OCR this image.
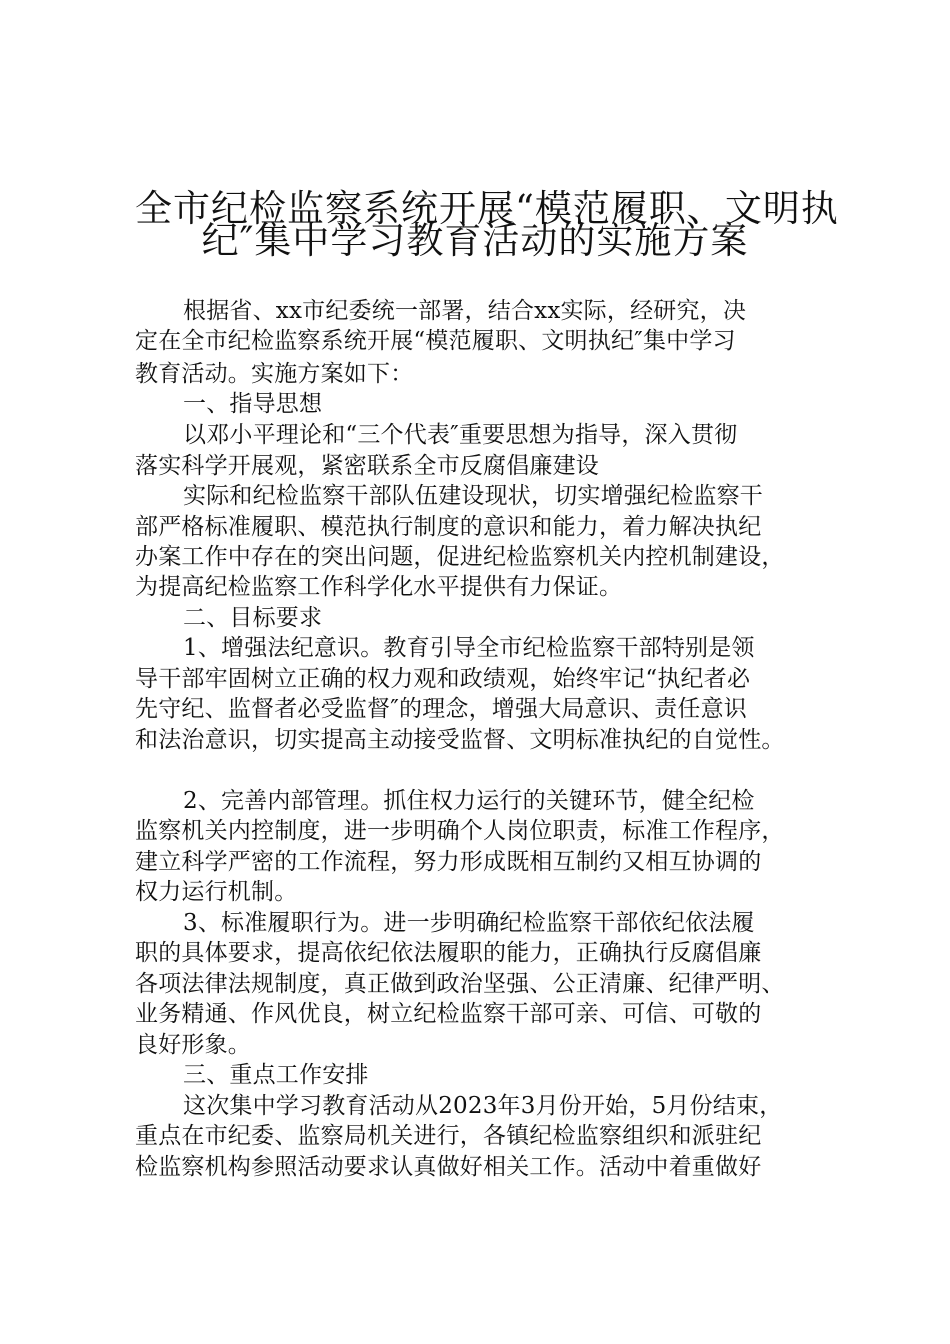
全市纪检监察系统开展“模范履职、文明执
纪″集中学习教育活动的实施方案
根据省、xx市纪委统一部署，结合xx实际，经研究，决
定在全市纪检监察系统开展“模范履职、文明执纪″集中学习
教育活动。实施方案如下：
一、指导思想
以邓小平理论和“三个代表″重要思想为指导，深入贯彻
落实科学开展观，紧密联系全市反腐倡廉建设
实际和纪检监察干部队伍建设现状，切实增强纪检监察干
部严格标准履职、模范执行制度的意识和能力，着力解决执纪
办案工作中存在的突出问题，促进纪检监察机关内控机制建设，
为提高纪检监察工作科学化水平提供有力保证。
二、目标要求
1、增强法纪意识。教育引导全市纪检监察干部特别是领
导干部牢固树立正确的权力观和政绩观，始终牢记“执纪者必
先守纪、监督者必受监督″的理念，增强大局意识、责任意识
和法治意识，切实提高主动接受监督、文明标准执纪的自觉性。
2、完善内部管理。抓住权力运行的关键环节，健全纪检
监察机关内控制度，进一步明确个人岗位职责，标准工作程序，
建立科学严密的工作流程，努力形成既相互制约又相互协调的
权力运行机制。
3、标准履职行为。进一步明确纪检监察干部依纪依法履
职的具体要求，提高依纪依法履职的能力，正确执行反腐倡廉
各项法律法规制度，真正做到政治坚强、公正清廉、纪律严明、
业务精通、作风优良，树立纪检监察干部可亲、可信、可敬的
良好形象。
三、重点工作安排
这次集中学习教育活动从2023年3月份开始，5月份结束，
重点在市纪委、监察局机关进行，各镇纪检监察组织和派驻纪
检监察机构参照活动要求认真做好相关工作。活动中着重做好
